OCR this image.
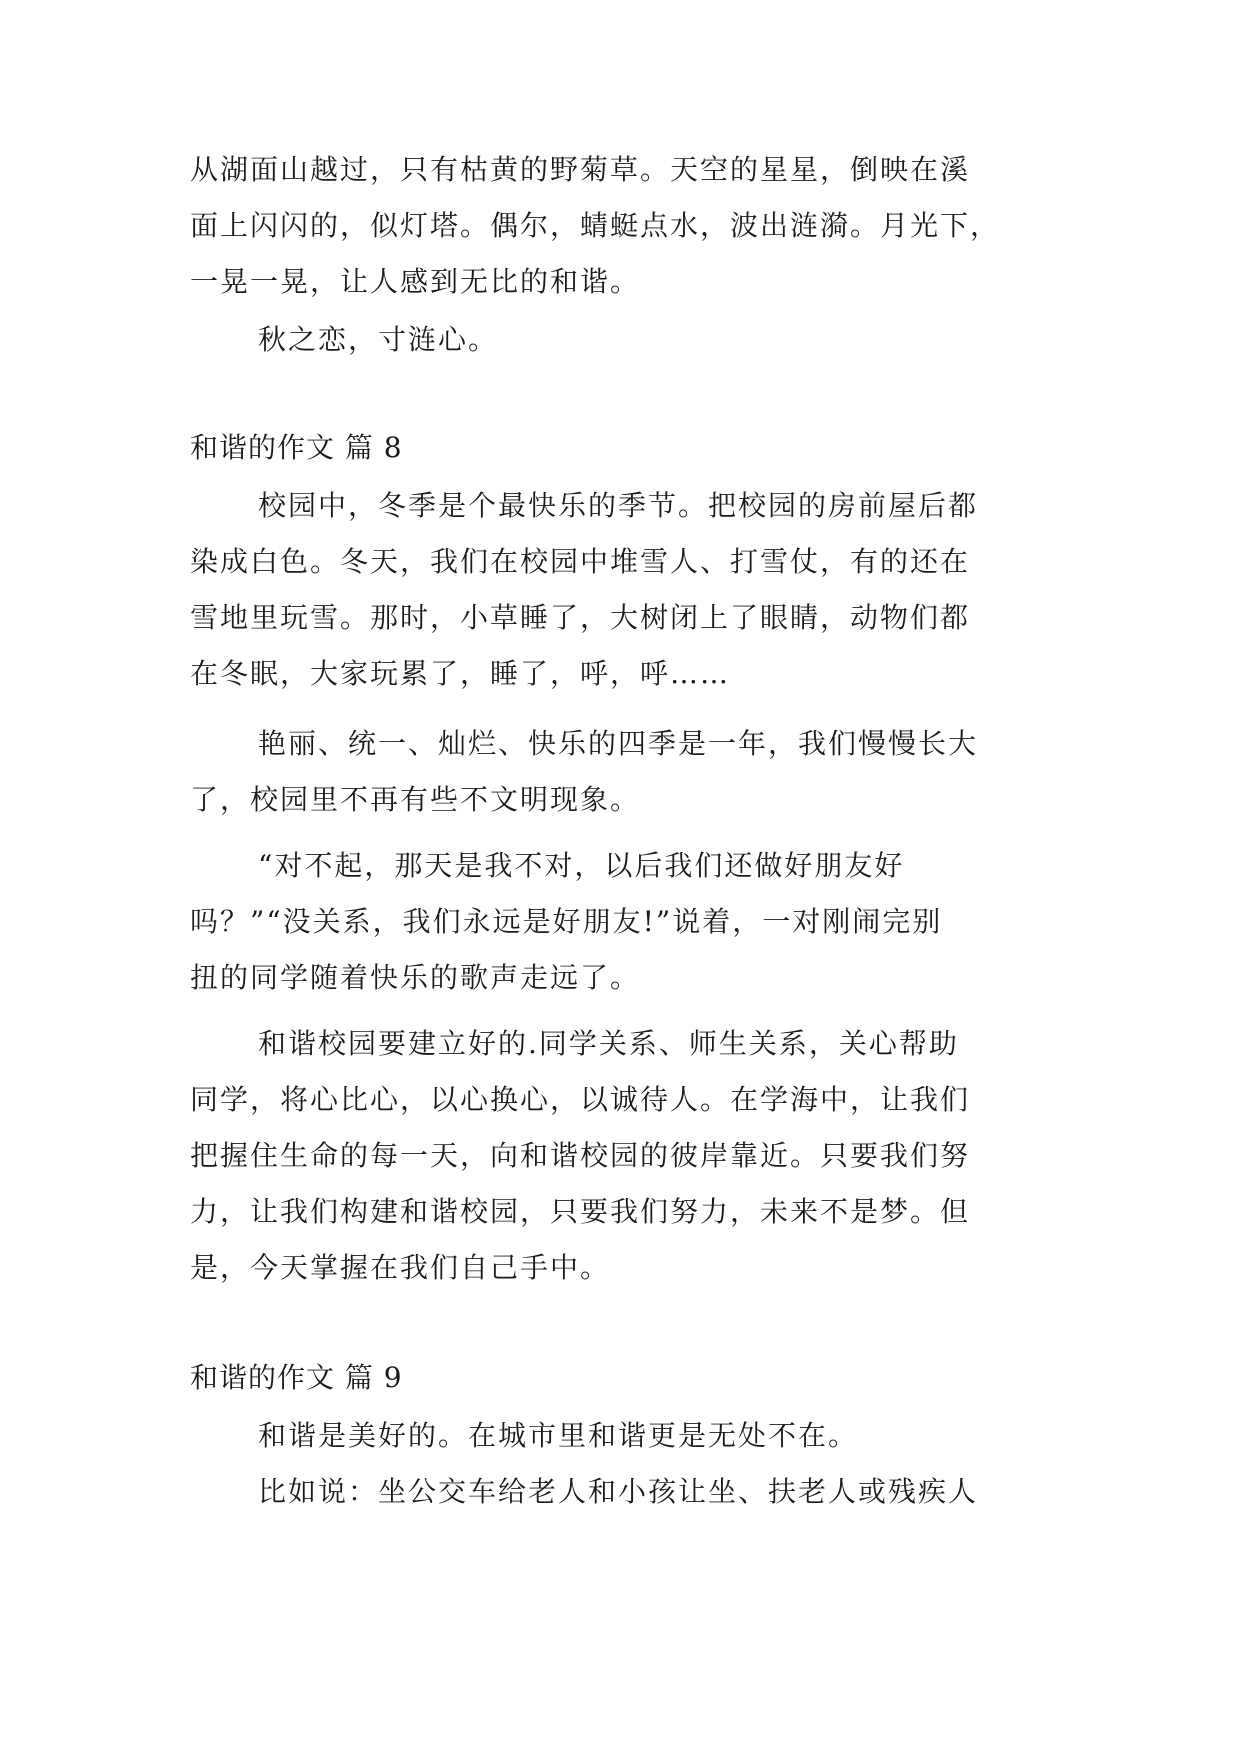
从湖面山越过，只有枯黄的野菊草。天空的星星，倒映在溪
面上闪闪的，似灯塔。偶尔，蜻蜓点水，波出涟漪。月光下，
一晃一晃，让人感到无比的和谐。
秋之恋，寸涟心。
和谐的作文 篇 8
校园中，冬季是个最快乐的季节。把校园的房前屋后都
染成白色。冬天，我们在校园中堆雪人、打雪仗，有的还在
雪地里玩雪。那时，小草睡了，大树闭上了眼睛，动物们都
在冬眠，大家玩累了，睡了，呼，呼……
艳丽、统一、灿烂、快乐的四季是一年，我们慢慢长大
了，校园里不再有些不文明现象。
“对不起，那天是我不对，以后我们还做好朋友好
吗？”“没关系，我们永远是好朋友!”说着，一对刚闹完别
扭的同学随着快乐的歌声走远了。
和谐校园要建立好的.同学关系、师生关系，关心帮助
同学，将心比心，以心换心，以诚待人。在学海中，让我们
把握住生命的每一天，向和谐校园的彼岸靠近。只要我们努
力，让我们构建和谐校园，只要我们努力，未来不是梦。但
是，今天掌握在我们自己手中。
和谐的作文 篇 9
和谐是美好的。在城市里和谐更是无处不在。
比如说：坐公交车给老人和小孩让坐、扶老人或残疾人
